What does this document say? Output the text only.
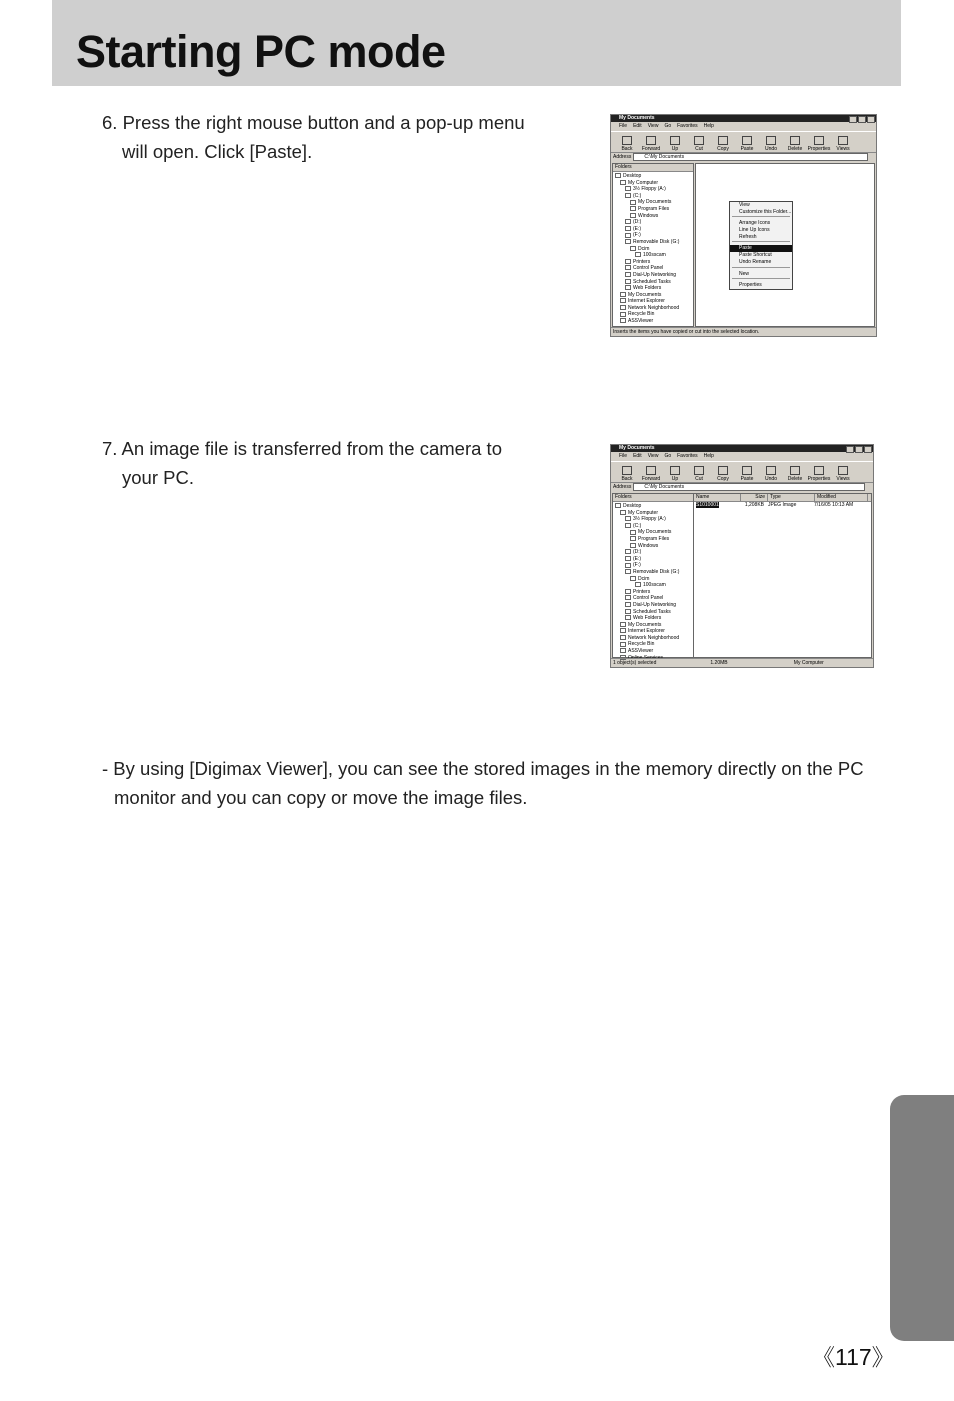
Starting PC mode
6. Press the right mouse button and a pop-up menu
will open. Click [Paste].
My Documents
File Edit View Go Favorites Help
Back Forward Up	Cut	Copy Paste Undo Delete Properties Views
Address	C:\My Documents
Folders
Desktop
My Computer
3½ Floppy (A:)
(C:)
My Documents
Program Files
Windows
(D:)
(E:)
(F:)
Removable Disk (G:)
Dcim
100sscam
Printers
Control Panel
Dial-Up Networking
Scheduled Tasks
Web Folders
My Documents
Internet Explorer
Network Neighborhood
Recycle Bin
ASSViewer
View
Customize this Folder...
Arrange Icons
Line Up Icons
Refresh
Paste
Paste Shortcut
Undo Rename
New
Properties
Inserts the items you have copied or cut into the selected location.
7. An image file is transferred from the camera to
your PC.
My Documents
File Edit View Go Favorites Help
Back Forward Up	Cut	Copy Paste Undo Delete Properties Views
Address	C:\My Documents
Folders
Desktop
My Computer
3½ Floppy (A:)
(C:)
My Documents
Program Files
Windows
(D:)
(E:)
(F:)
Removable Disk (G:)
Dcim
100sscam
Printers
Control Panel
Dial-Up Networking
Scheduled Tasks
Web Folders
My Documents
Internet Explorer
Network Neighborhood
Recycle Bin
ASSViewer
Online Services
Name	Size	Type	Modified
S1010001	1,208KB JPEG Image	7/16/05 10:13 AM
1 object(s) selected	1.20MB	My Computer
- By using [Digimax Viewer], you can see the stored images in the memory directly on the PC
monitor and you can copy or move the image files.
《117》
